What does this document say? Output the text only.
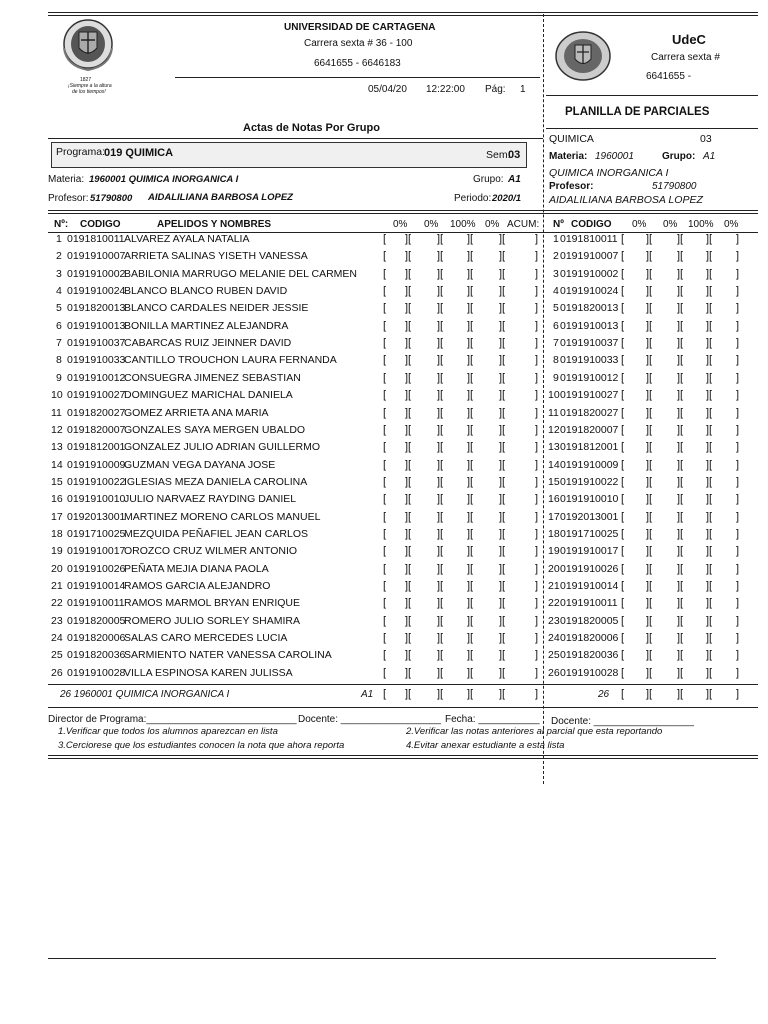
1827
¡Siempre a la altura
de los tiempos!
UNIVERSIDAD DE CARTAGENA
Carrera sexta # 36 - 100
6641655 - 6646183
05/04/20 12:22:00 Pág: 1
UdeC
Carrera sexta #
6641655 -
PLANILLA DE PARCIALES
Actas de Notas Por Grupo
Programa:
019 QUIMICA	Sem:
03
Materia: 1960001 QUIMICA INORGANICA I	Grupo: A1
Profesor: 51790800 AIDALILIANA BARBOSA LOPEZ	Periodo: 2020/1
QUIMICA	03
Materia: 1960001	Grupo: A1
QUIMICA INORGANICA I
Profesor:	51790800
AIDALILIANA BARBOSA LOPEZ
Nº: CODIGO	APELIDOS Y NOMBRES	0% 0% 100% 0% ACUM: Nº CODIGO 0% 0% 100% 0%
1 0191810011 ALVAREZ AYALA NATALIA	[ ][ ][ ][ ][	] 1 0191810011 [ ][ ][ ][ ]
2 0191910007
ARRIETA SALINAS YISETH VANESSA	[ ][ ][ ][ ][	] 2 0191910007 [ ][ ][ ][ ]
3 0191910002
BABILONIA MARRUGO MELANIE DEL CARMEN [ ][ ][ ][ ][	] 3 0191910002 [ ][ ][ ][ ]
4 0191910024
BLANCO BLANCO RUBEN DAVID	[ ][ ][ ][ ][	] 4 0191910024 [ ][ ][ ][ ]
5 0191820013
BLANCO CARDALES NEIDER JESSIE	[ ][ ][ ][ ][	] 5 0191820013 [ ][ ][ ][ ]
6 0191910013
BONILLA MARTINEZ ALEJANDRA	[ ][ ][ ][ ][	] 6 0191910013 [ ][ ][ ][ ]
7 0191910037
CABARCAS RUIZ JEINNER DAVID	[ ][ ][ ][ ][	] 7 0191910037 [ ][ ][ ][ ]
8 0191910033
CANTILLO TROUCHON LAURA FERNANDA	[ ][ ][ ][ ][	] 8 0191910033 [ ][ ][ ][ ]
9 0191910012
CONSUEGRA JIMENEZ SEBASTIAN	[ ][ ][ ][ ][	] 9 0191910012 [ ][ ][ ][ ]
10 0191910027
DOMINGUEZ MARICHAL DANIELA	[ ][ ][ ][ ][	] 10 0191910027 [ ][ ][ ][ ]
11 0191820027
GOMEZ ARRIETA ANA MARIA	[ ][ ][ ][ ][	] 11 0191820027 [ ][ ][ ][ ]
12 0191820007
GONZALES SAYA MERGEN UBALDO	[ ][ ][ ][ ][	] 12 0191820007 [ ][ ][ ][ ]
13 0191812001
GONZALEZ JULIO ADRIAN GUILLERMO	[ ][ ][ ][ ][	] 13 0191812001 [ ][ ][ ][ ]
14 0191910009
GUZMAN VEGA DAYANA JOSE	[ ][ ][ ][ ][	] 14 0191910009 [ ][ ][ ][ ]
15 0191910022
IGLESIAS MEZA DANIELA CAROLINA	[ ][ ][ ][ ][	] 15 0191910022 [ ][ ][ ][ ]
16 0191910010
JULIO NARVAEZ RAYDING DANIEL	[ ][ ][ ][ ][	] 16 0191910010 [ ][ ][ ][ ]
17 0192013001
MARTINEZ MORENO CARLOS MANUEL	[ ][ ][ ][ ][	] 17 0192013001 [ ][ ][ ][ ]
18 0191710025
MEZQUIDA PEÑAFIEL JEAN CARLOS	[ ][ ][ ][ ][	] 18 0191710025 [ ][ ][ ][ ]
19 0191910017
OROZCO CRUZ WILMER ANTONIO	[ ][ ][ ][ ][	] 19 0191910017 [ ][ ][ ][ ]
20 0191910026
PEÑATA MEJIA DIANA PAOLA	[ ][ ][ ][ ][	] 20 0191910026 [ ][ ][ ][ ]
21 0191910014
RAMOS GARCIA ALEJANDRO	[ ][ ][ ][ ][	] 21 0191910014 [ ][ ][ ][ ]
22 0191910011 RAMOS MARMOL BRYAN ENRIQUE	[ ][ ][ ][ ][	] 22 0191910011 [ ][ ][ ][ ]
23 0191820005
ROMERO JULIO SORLEY SHAMIRA	[ ][ ][ ][ ][	] 23 0191820005 [ ][ ][ ][ ]
24 0191820006
SALAS CARO MERCEDES LUCIA	[ ][ ][ ][ ][	] 24 0191820006 [ ][ ][ ][ ]
25 0191820036
SARMIENTO NATER VANESSA CAROLINA	[ ][ ][ ][ ][	] 25 0191820036 [ ][ ][ ][ ]
26 0191910028
VILLA ESPINOSA KAREN JULISSA	[ ][ ][ ][ ][	] 26 0191910028 [ ][ ][ ][ ]
[ ][ ][ ][ ][	]	[ ][ ][ ][ ]
26 1960001 QUIMICA INORGANICA I	A1	26
Director de Programa:___________________________ Docente: __________________ Fecha: ___________ Docente: __________________
1.Verificar que todos los alumnos aparezcan en lista	2.Verificar las notas anteriores al parcial que esta reportando
3.Cerciorese que los estudiantes conocen la nota que ahora reporta	4.Evitar anexar estudiante a esta lista
